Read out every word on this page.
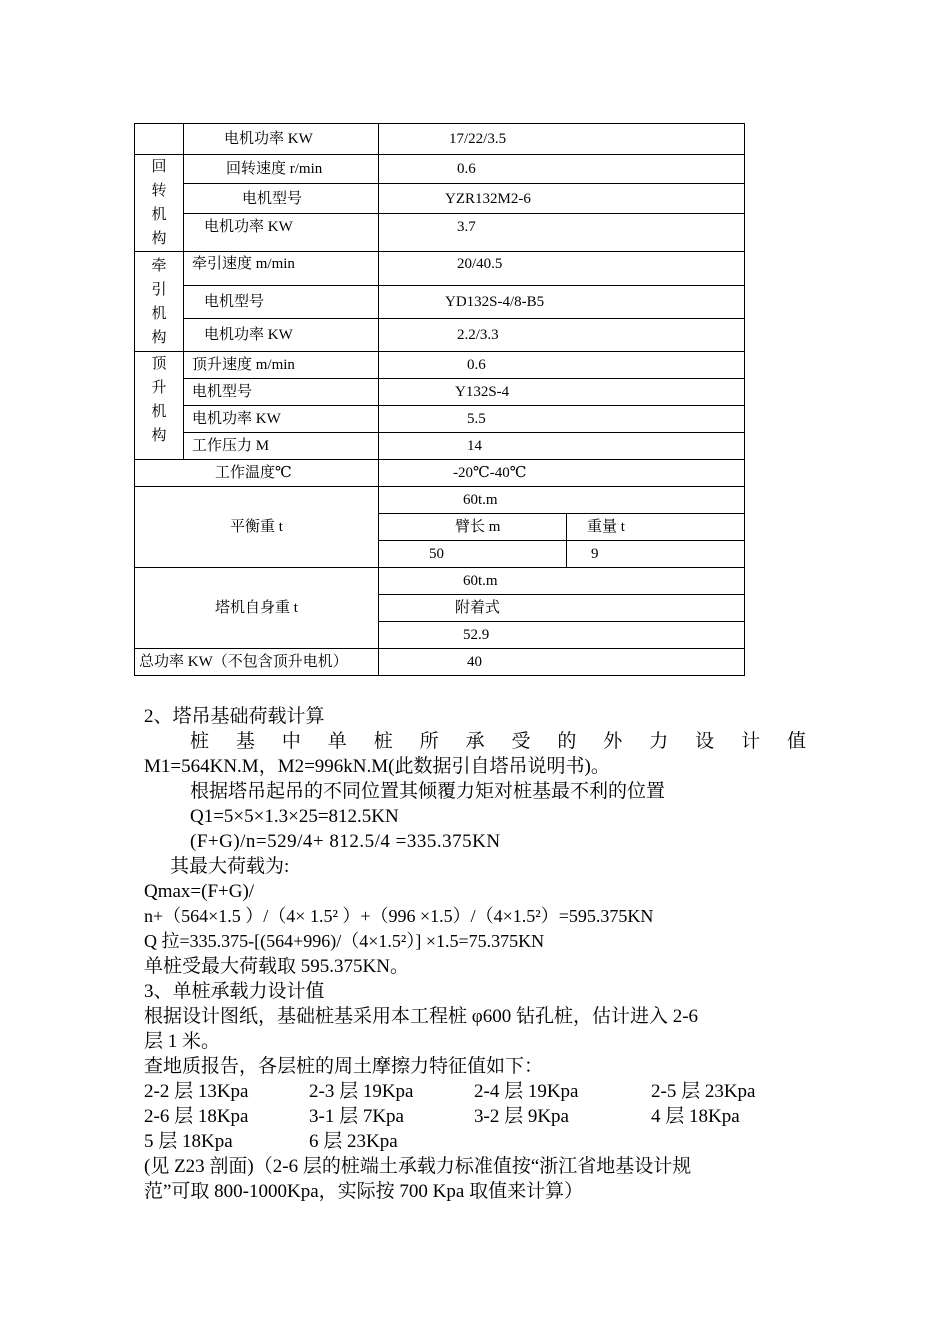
	电机功率 KW	17/22/3.5	

回
转
机
构	回转速度 r/min	0.6	
	电机型号	YZR132M2-6	
	电机功率 KW	3.7	

牵
引
机
构	牵引速度 m/min	20/40.5	
	电机型号	YD132S-4/8-B5	
	电机功率 KW	2.2/3.3	

顶
升
机
构	顶升速度 m/min	0.6	
	电机型号	Y132S-4	
	电机功率 KW	5.5	
	工作压力 M	14	
工作温度℃		-20℃-40℃	
平衡重 t		60t.m	
		臂长 m	重量 t
		50	9
塔机自身重 t		60t.m	
		附着式	
		52.9	
总功率 KW（不包含顶升电机）		40	
2、塔吊基础荷载计算
桩 基 中 单 桩 所 承 受 的 外 力 设 计 值
M1=564KN.M，M2=996kN.M(此数据引自塔吊说明书)。
根据塔吊起吊的不同位置其倾覆力矩对桩基最不利的位置
Q1=5×5×1.3×25=812.5KN
(F+G)/n=529/4+ 812.5/4 =335.375KN
其最大荷载为:
Qmax=(F+G)/
n+（564×1.5 ）/（4× 1.5² ）+（996 ×1.5）/（4×1.5²）=595.375KN
Q 拉=335.375-[(564+996)/（4×1.5²）] ×1.5=75.375KN
单桩受最大荷载取 595.375KN。
3、单桩承载力设计值
根据设计图纸，基础桩基采用本工程桩 φ600 钻孔桩，估计进入 2-6
层 1 米。
查地质报告，各层桩的周土摩擦力特征值如下：
2-2 层 13Kpa	2-3 层 19Kpa	2-4 层 19Kpa	2-5 层 23Kpa
2-6 层 18Kpa	3-1 层 7Kpa	3-2 层 9Kpa	4 层 18Kpa
5 层 18Kpa	6 层 23Kpa
(见 Z23 剖面)（2-6 层的桩端土承载力标准值按“浙江省地基设计规
范”可取 800-1000Kpa，实际按 700 Kpa 取值来计算）
